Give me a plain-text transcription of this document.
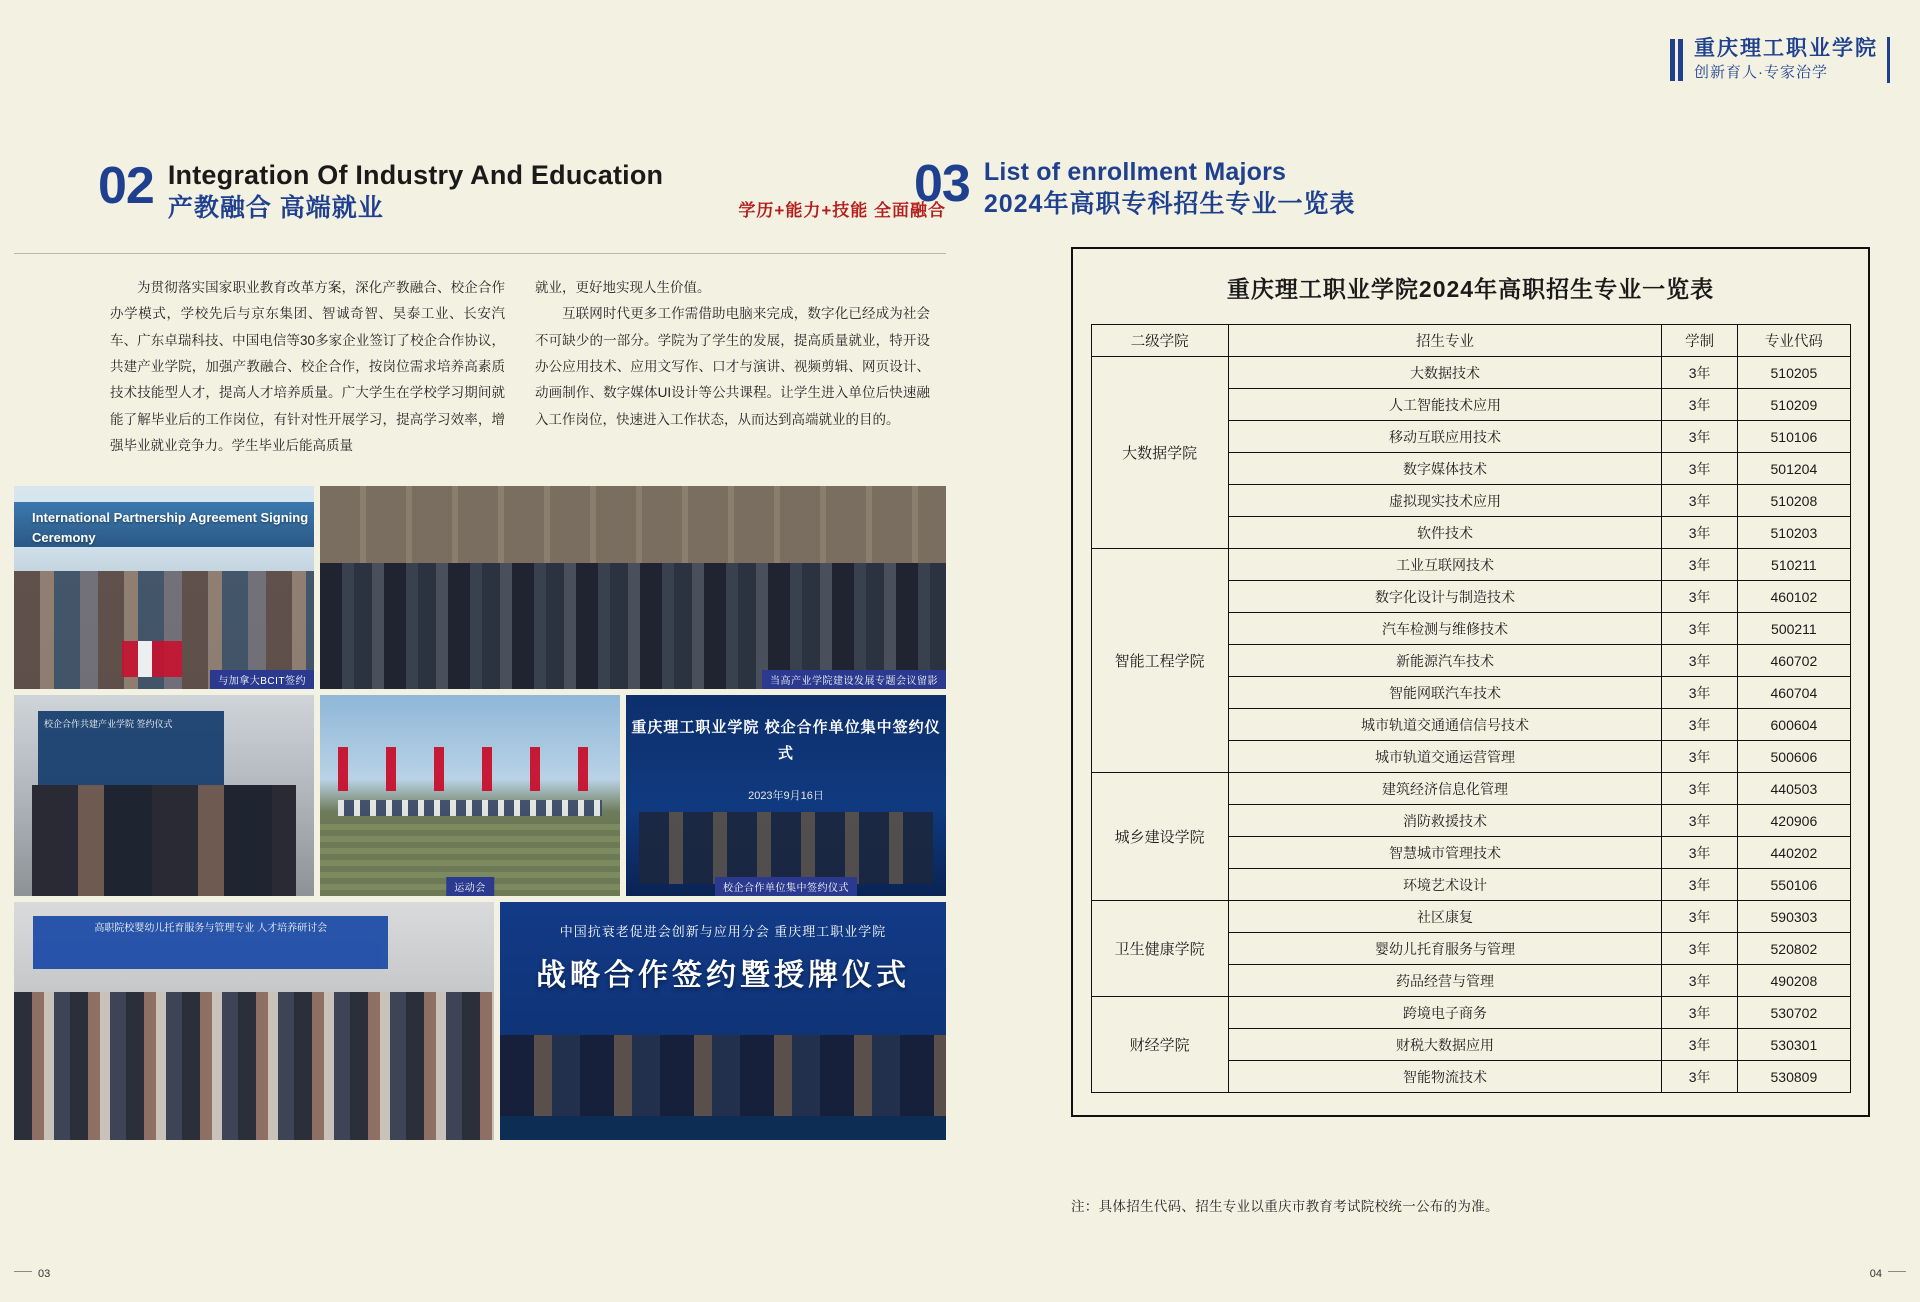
02 Integration Of Industry And Education
产教融合 高端就业	学历+能力+技能 全面融合

为贯彻落实国家职业教育改革方案，深化产教融合、校企合作办学模式，学校先后与京东集团、智诚奇智、昊泰工业、长安汽车、广东卓瑞科技、中国电信等30多家企业签订了校企合作协议，共建产业学院，加强产教融合、校企合作，按岗位需求培养高素质技术技能型人才，提高人才培养质量。广大学生在学校学习期间就能了解毕业后的工作岗位，有针对性开展学习，提高学习效率，增强毕业就业竞争力。学生毕业后能高质量

就业，更好地实现人生价值。

互联网时代更多工作需借助电脑来完成，数字化已经成为社会不可缺少的一部分。学院为了学生的发展，提高质量就业，特开设办公应用技术、应用文写作、口才与演讲、视频剪辑、网页设计、动画制作、数字媒体UI设计等公共课程。让学生进入单位后快速融入工作岗位，快速进入工作状态，从而达到高端就业的目的。

International Partnership Agreement Signing Ceremony
与加拿大BCIT签约	当高产业学院建设发展专题会议留影
校企合作共建产业学院 签约仪式
运动会
重庆理工职业学院 校企合作单位集中签约仪式
2023年9月16日
校企合作单位集中签约仪式
高职院校婴幼儿托育服务与管理专业 人才培养研讨会	中国抗衰老促进会创新与应用分会 重庆理工职业学院
战略合作签约暨授牌仪式
03
重庆理工职业学院
创新育人·专家治学
03 List of enrollment Majors
2024年高职专科招生专业一览表
重庆理工职业学院2024年高职招生专业一览表
二级学院	招生专业	学制	专业代码
大数据学院	大数据技术	3年	510205
	人工智能技术应用	3年	510209
	移动互联应用技术	3年	510106
	数字媒体技术	3年	501204
	虚拟现实技术应用	3年	510208
	软件技术	3年	510203
智能工程学院	工业互联网技术	3年	510211
	数字化设计与制造技术	3年	460102
	汽车检测与维修技术	3年	500211
	新能源汽车技术	3年	460702
	智能网联汽车技术	3年	460704
	城市轨道交通通信信号技术	3年	600604
	城市轨道交通运营管理	3年	500606
城乡建设学院	建筑经济信息化管理	3年	440503
	消防救援技术	3年	420906
	智慧城市管理技术	3年	440202
	环境艺术设计	3年	550106
卫生健康学院	社区康复	3年	590303
	婴幼儿托育服务与管理	3年	520802
	药品经营与管理	3年	490208
财经学院	跨境电子商务	3年	530702
	财税大数据应用	3年	530301
	智能物流技术	3年	530809
注：具体招生代码、招生专业以重庆市教育考试院校统一公布的为准。
04
